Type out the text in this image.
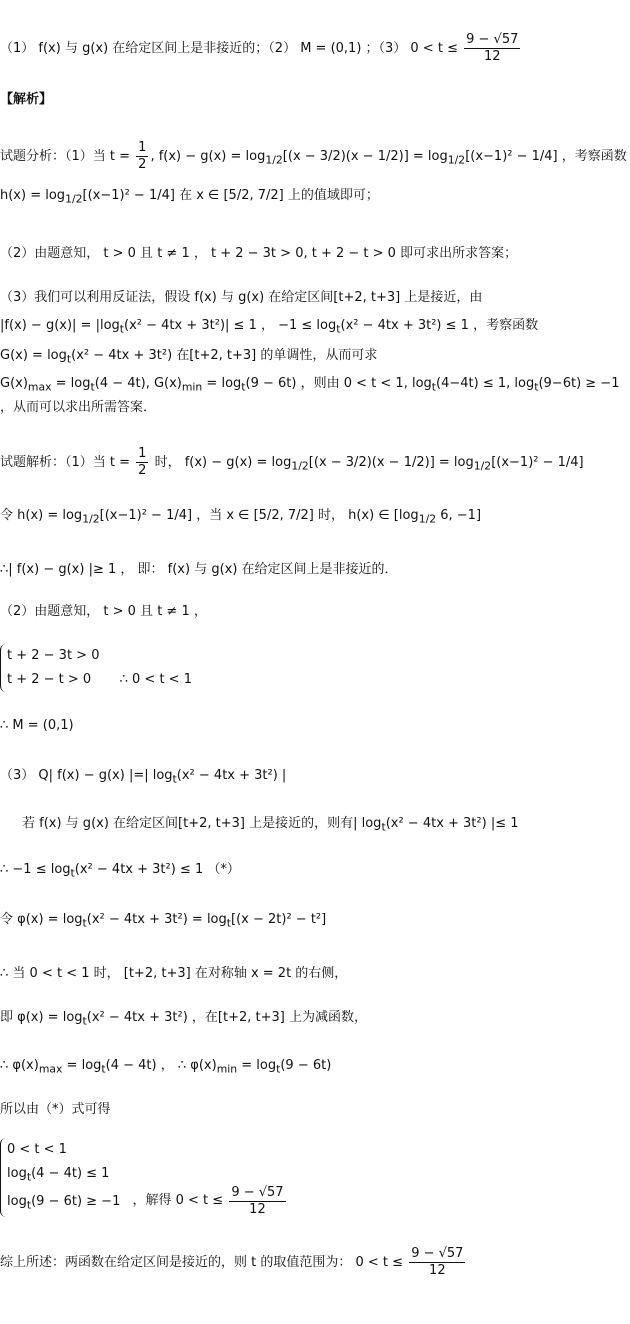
（1） f(x) 与 g(x) 在给定区间上是非接近的；（2） M = (0,1) ；（3） $0 < t \le \frac{9 - √57}{12}$
【解析】
试题分析：（1）当 $t = \frac{1}{2}$ , $f(x) - g(x) = \log_{1/2}[(x - 3/2)(x - 1/2)] = \log_{1/2}[(x-1)^2 - 1/4]$ ，考察函数
$h(x) = \log_{1/2}[(x-1)^2 - 1/4]$ 在 x ∈ [5/2, 7/2] 上的值域即可；
（2）由题意知， t > 0 且 t ≠ 1 ， t + 2 − 3t > 0, t + 2 − t > 0 即可求出所求答案；
（3）我们可以利用反证法，假设 f(x) 与 g(x) 在给定区间[t+2, t+3] 上是接近，由
$|f(x) - g(x)| = |\log_t(x^2 - 4tx + 3t^2)| \le 1$ ， $-1 \le \log_t(x^2 - 4tx + 3t^2) \le 1$ ，考察函数
$G(x) = \log_t(x^2 - 4tx + 3t^2)$ 在[t+2, t+3] 的单调性，从而可求
$G(x)_{max} = \log_t(4 - 4t)$, $G(x)_{min} = \log_t(9 - 6t)$ ，则由 0 < t < 1, $\log_t(4-4t) \le 1$, $\log_t(9-6t) \ge -1$
，从而可以求出所需答案．
试题解析：（1）当 $t = \frac{1}{2}$ 时， $f(x) - g(x) = \log_{1/2}[(x - 3/2)(x - 1/2)] = \log_{1/2}[(x-1)^2 - 1/4]$
令 $h(x) = \log_{1/2}[(x-1)^2 - 1/4]$ ，当 x ∈ [5/2, 7/2] 时， h(x) ∈ [$\log_{1/2}$ 6, −1]
∴| f(x) − g(x) |≥ 1 ， 即： f(x) 与 g(x) 在给定区间上是非接近的．
（2）由题意知， t > 0 且 t ≠ 1 ，
t + 2 − 3t > 0
t + 2 − t > 0	∴ 0 < t < 1
∴ M = (0,1)
（3） Q| f(x) − g(x) |=| $\log_t(x^2 - 4tx + 3t^2)$ |
若 f(x) 与 g(x) 在给定区间[t+2, t+3] 上是接近的，则有| $\log_t(x^2 - 4tx + 3t^2)$ |≤ 1
∴ $-1 \le \log_t(x^2 - 4tx + 3t^2) \le 1$ （*）
令 $\varphi(x) = \log_t(x^2 - 4tx + 3t^2) = \log_t[(x - 2t)^2 - t^2]$
∴ 当 0 < t < 1 时， [t+2, t+3] 在对称轴 x = 2t 的右侧，
即 $\varphi(x) = \log_t(x^2 - 4tx + 3t^2)$ ，在[t+2, t+3] 上为减函数，
∴ $\varphi(x)_{max} = \log_t(4 - 4t)$ ， ∴ $\varphi(x)_{min} = \log_t(9 - 6t)$
所以由（*）式可得
0 < t < 1
$\log_t(4 - 4t) \le 1$
$\log_t(9 - 6t) \ge -1$ ，解得 $0 < t \le \frac{9 - √57}{12}$
综上所述：两函数在给定区间是接近的，则 t 的取值范围为： $0 < t \le \frac{9 - √57}{12}$
